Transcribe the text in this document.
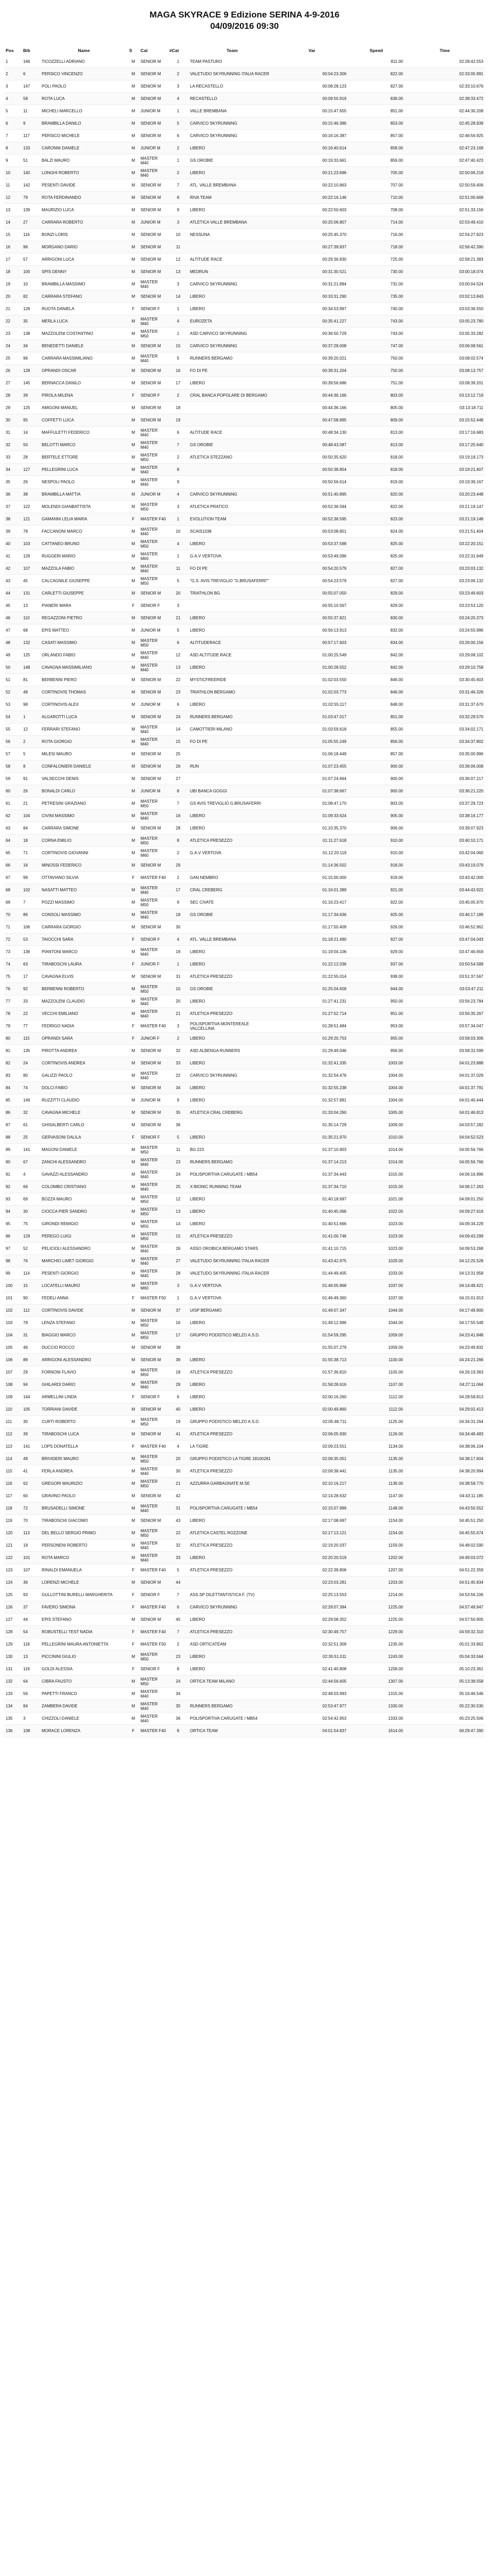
MAGA SKYRACE 9 Edizione SERINA 4-9-2016
04/09/2016 09:30
Pos	Bib	Name	S	Cat	#Cat	Team	Var	Speed	Time
1	146	TICOZZELLI ADRIANO	M	SENIOR M	1	TEAM PASTURO		811.00	02:28:42.553
2	6	PERSICO VINCENZO	M	SENIOR M	2	VALETUDO SKYRUNNING ITALIA RACER	00:04:23.306	822.00	02:33:05.991
3	147	POLI PAOLO	M	SENIOR M	3	LA RECASTELLO	00:08:28.123	827.00	02:33:10.676
4	58	ROTA LUCA	M	SENIOR M	4	RECASTELLO	00:09:50.919	836.00	02:38:33.472
5	11	MICHELI MARCELLO	M	JUNIOR M	1	VALLE BREMBANA	00:15:47.655	851.00	02:44:30.208
6	9	BRAMBILLA DANILO	M	SENIOR M	5	CARVICO SKYRUNNING	00:15:46.386	853.00	02:45:28.939
7	117	PERSICO MICHELE	M	SENIOR M	6	CARVICO SKYRUNNING	00:16:16.387	857.00	02:46:56.925
8	133	CARONNI DANIELE	M	JUNIOR M	2	LIBERO	00:16:40.614	858.00	02:47:23.169
9	51	BALZI MAURO	M	MASTER M40	1	GS OROBIE	00:19:33.661	859.00	02:47:40.423
10	140	LONGHI ROBERTO	M	MASTER M40	2	LIBERO	00:21:23.696	705.00	02:50:06.219
11	142	PESENTI DAVIDE	M	SENIOR M	7	ATL. VALLE BREMBANA	00:22:10.863	707.00	02:50:59.406
12	79	ROTA FERDINANDO	M	SENIOR M	8	RIVA TEAM	00:22:16.146	710.00	02:51:00.669
13	139	MAURIZIO LUCA	M	SENIOR M	9	LIBERO	00:22:50.603	708.00	02:51:33.156
14	27	CARRARA ROBERTO	M	JUNIOR M	3	ATLETICA VALLE BREMBANA	00:25:06.807	714.00	02:53:49.410
15	116	BONZI LORIS	M	SENIOR M	10	NESSUNA	00:25:45.370	716.00	02:54:27.923
16	96	MORGANO DARIO	M	SENIOR M	11		00:27:39.837	718.00	02:56:42.390
17	57	ARRIGONI LUCA	M	SENIOR M	12	ALTITUDE RACE	00:29:36.830	725.00	02:58:21.383
18	100	SPIS DENNY	M	SENIOR M	13	MEDRUN	00:31:30.521	730.00	03:00:18.074
19	10	BRAMBILLA MASSIMO	M	MASTER M40	3	CARVICO SKYRUNNING	00:31:21.894	731.00	03:00:04.524
20	82	CARRARA STEFANO	M	SENIOR M	14	LIBERO	00:33:31.290	735.00	03:02:13.843
21	126	RUOTA DANIELA	F	SENIOR F	1	LIBERO	00:34:53.997	740.00	03:03:36.550
22	35	MERLA LUCA	M	MASTER M40	4	EUROZETA	00:35:41.227	743.00	03:05:23.780
23	138	MAZZOLENI COSTANTINO	M	MASTER M50	1	ASD CARVICO SKYRUNNING	00:36:50.729	743.00	03:05:33.282
24	34	BENEDETTI DANIELE	M	SENIOR M	15	CARVICO SKYRUNNING	00:37:28.008	747.00	03:06:08.561
25	96	CARRARA MASSIMILIANO	M	MASTER M40	5	RUNNERS BERGAMO	00:39:20.021	750.00	03:08:02.574
26	128	OPRANDI OSCAR	M	SENIOR M	16	FO DI PE	00:39:31.204	750.00	03:08:13.757
27	145	BERNACCA DANILO	M	SENIOR M	17	LIBERO	00:39:56.686	751.00	03:08:39.201
28	39	PIROLA MILENA	F	SENIOR F	2	CRAL BANCA POPOLARE DI BERGAMO	00:44:36.166	803.00	03:13:12.719
29	125	AMIGONI MANUEL	M	SENIOR M	18		00:44:36.166	805.00	03:13:18.711
30	95	COFFETTI LUCA	M	SENIOR M	19		00:47:08.895	809.00	03:15:52.448
31	14	MAFFULETTI FEDERICO	M	MASTER M40	6	ALTITUDE RACE	00:48:34.130	813.00	03:17:16.683
32	50	BELOTTI MARCO	M	MASTER M40	7	GS OROBIE	00:48:43.087	813.00	03:17:25.640
33	28	BERTELE ETTORE	M	MASTER M50	2	ATLETICA STEZZANO	00:50:35.620	818.00	03:19:18.173
34	127	PELLEGRINI LUCA	M	MASTER M40	8		00:50:38.854	818.00	03:19:21.407
35	26	NESPOLI PAOLO	M	MASTER M40	9		00:50:56.614	819.00	03:19:39.167
36	38	BRAMBILLA MATTIA	M	JUNIOR M	4	CARVICO SKYRUNNING	00:51:40.895	820.00	03:20:23.448
37	122	MOLENDI GIANBATTISTA	M	MASTER M50	3	ATLETICA PRATICO	00:52:36.594	822.00	03:21:19.147
38	121	GAMANNI LELIA MARIA	F	MASTER F40	1	EVOLUTION TEAM	00:52:36.595	823.00	03:21:19.148
39	78	FACCANONI MARCO	M	MASTER M40	10	SCAIS1038	00:53:08.851	824.00	03:21:51.404
40	103	CATTANEO BRUNO	M	MASTER M50	4	LIBERO	00:53:37.598	825.00	03:22:20.151
41	129	RUGGERI MARIO	M	MASTER M60	1	G.A.V VERTOVA	00:53:49.096	825.00	03:22:31.649
42	107	MAZZOLA FABIO	M	MASTER M40	11	FO DI PE	00:54:20.579	827.00	03:23:03.132
43	45	CALCAGNILE GIUSEPPE	M	MASTER M50	5	"G.S. AVIS TREVIGLIO "G.BRUSAFERRI""	00:54:23.579	827.00	03:23:06.132
44	131	CARLETTI GIUSEPPE	M	SENIOR M	20	TRIATHLON BG	00:55:07.050	829.00	03:23:49.603
45	13	PIANERI MARA	F	SENIOR F	3		00:55:10.567	829.00	03:23:53.120
46	110	REGAZZONI PIETRO	M	SENIOR M	21	LIBERO	00:55:37.821	830.00	03:24:20.373
47	68	EPIS MATTEO	M	JUNIOR M	5	LIBERO	00:56:13.913	832.00	03:24:55.996
48	132	CASATI MASSIMO	M	MASTER M50	6	ALTITUDERACE	00:57:17.603	834.00	03:26:00.156
49	125	ORLANDO FABIO	M	MASTER M40	12	ASD ALTITUDE RACE	01:00:25.549	842.00	03:29:08.102
50	148	CAVAGNA MASSIMILIANO	M	MASTER M40	13	LIBERO	01:00:28.552	842.00	03:29:10.758
51	81	BERBENNI PIERO	M	SENIOR M	22	MYSTICFREERIDE	01:02:03.550	846.00	03:30:45.603
52	48	CORTINOVIS THOMAS	M	SENIOR M	23	TRIATHLON BERGAMO	01:02:03.773	846.00	03:31:46.326
53	98	CORTINOVIS ALEX	M	JUNIOR M	6	LIBERO	01:02:55.117	848.00	03:31:37.670
54	1	ALGAROTTI LUCA	M	SENIOR M	24	RUNNERS BERGAMO	01:03:47.017	851.00	03:32:29.570
55	12	FERRARI STEFANO	M	MASTER M40	14	CAMOTTIERI MILANO	01:03:59.618	855.00	03:34:02.171
56	2	ROTA GIORGIO	M	MASTER M40	15	FO DI PE	01:05:55.249	856.00	03:34:37.802
57	5	MILESI MAURO	M	SENIOR M	25		01:06:18.449	857.00	03:35:00.996
58	8	CONFALONIERI DANIELE	M	SENIOR M	26	RUN	01:07:23.455	900.00	03:36:06.008
59	91	VALSECCHI DENIS	M	SENIOR M	27		01:07:24.664	900.00	03:36:07.217
60	26	BONALDI CARLO	M	JUNIOR M	8	UBI BANCA GOGGI	01:07:38.667	900.00	03:36:21.220
61	21	PETRESINI GRAZIANO	M	MASTER M50	7	GS AVIS TREVIGLIO G.BRUSAFERRI	01:08:47.170	903.00	03:37:29.723
62	104	CIVINI MASSIMO	M	MASTER M40	16	LIBERO	01:09:33.624	905.00	03:38:16.177
63	84	CARRARA SIMONE	M	SENIOR M	28	LIBERO	01:10:35.370	906.00	03:39:07.923
64	18	CORNA EMILIO	M	MASTER M50	8	ATLETICA PRESEZZO	01:11:27.618	910.00	03:40:10.171
65	71	CORTINOVIS GIOVANNI	M	MASTER M60	2	G.A.V VERTOVA	01:12:20.119	910.00	03:42:04.060
66	16	MINOSSI FEDERICO	M	SENIOR M	29		01:14:36.502	918.00	03:43:19.079
67	99	OTTAVIANO SILVIA	F	MASTER F40	2	GAN NEMBRO	01:15:00.000	919.00	03:43:42.000
68	102	NASATTI MATTEO	M	MASTER M40	17	CRAL CREBERG	01:16:01.389	921.00	03:44:43.922
69	7	POZZI MASSIMO	M	MASTER M50	9	SEC CIVATE	01:16:23.417	922.00	03:45:05.970
70	86	CONSOLI MASSIMO	M	MASTER M40	18	GS OROBIE	01:17:34.636	925.00	03:46:17.189
71	106	CARRARA GIORGIO	M	SENIOR M	30		01:17:50.409	926.00	03:46:52.962
72	53	TAIOCCHI SARA	F	SENIOR F	4	ATL. VALLE BREMBANA	01:18:21.490	927.00	03:47:04.043
73	136	PIANTONI MARCO	M	MASTER M40	19	LIBERO	01:19:04.106	929.00	03:47:46.659
74	63	TIRABOSCHI LAURA	F	JUNIOR F	1	LIBERO	01:22:12.036	937.00	03:50:54.589
75	17	CAVAGNA ELVIS	M	SENIOR M	31	ATLETICA PRESEZZO	01:22:55.014	938.00	03:51:37.567
76	92	BERBENNI ROBERTO	M	MASTER M50	10	GS OROBIE	01:25:04.658	944.00	03:53:47.211
77	33	MAZZOLENI CLAUDIO	M	MASTER M40	20	LIBERO	01:27:41.231	950.00	03:56:23.784
78	22	VECCHI EMILIANO	M	MASTER M40	21	ATLETICA PRESEZZO	01:27:52.714	951.00	03:56:35.267
79	77	FEDRIGO NADIA	F	MASTER F40	3	POLISPORTIVA MONTEREALE VALCELLINA	01:28:51.484	953.00	03:57:34.047
80	115	OPRANDI SARA	F	JUNIOR F	2	LIBERO	01:29:20.753	955.00	03:58:03.306
81	135	PIROTTA ANDREA	M	SENIOR M	32	ASD ALBENGA RUNNERS	01:29:49.046	956.00	03:58:31.599
82	24	CORTINOVIS ANDREA	M	SENIOR M	33	LIBERO	01:32:41.335	1003.00	04:01:23.888
83	80	GALIZZI PAOLO	M	MASTER M40	22	CARVICO SKYRUNNING	01:32:54.476	1004.00	04:01:37.029
84	74	DOLCI FABIO	M	SENIOR M	34	LIBERO	01:32:55.238	1004.00	04:01:37.791
85	149	RUZZITTI CLAUDIO	M	JUNIOR M	9	LIBERO	01:32:57.891	1004.00	04:01:40.444
86	32	CAVAGNA MICHELE	M	SENIOR M	35	ATLETICA CRAL CREBERG	01:33:04.260	1005.00	04:01:46.813
87	61	GHISALBERTI CARLO	M	SENIOR M	36		01:35:14.729	1009.00	04:03:57.282
88	25	GERVASONI DALILA	F	SENIOR F	5	LIBERO	01:35:21.970	1010.00	04:04:52.523
89	141	MAGONI DANIELE	M	MASTER M50	11	BG 223	01:37:10.903	1014.00	04:05:56.766
90	67	ZANCHI ALESSANDRO	M	MASTER M40	23	RUNNERS BERGAMO	01:37:14.213	1014.00	04:05:56.766
91	4	GAVAZZI ALESSANDRO	M	MASTER M40	24	POLISPORTIVA CARUGATE / MB54	01:37:34.443	1015.00	04:06:16.996
92	66	COLOMBO CRISTIANO	M	MASTER M40	25	X-BIONIC RUNNING TEAM	01:37:34.710	1015.00	04:06:17.263
93	69	BOZZA MAURO	M	MASTER M50	12	LIBERO	01:40:18.697	1021.00	04:09:01.250
94	30	CIOCCA PIER SANDRO	M	MASTER M50	13	LIBERO	01:40:45.066	1022.00	04:09:27.619
95	75	GIRONDI REMIGIO	M	MASTER M50	14	LIBERO	01:40:51.666	1023.00	04:09:34.229
96	129	PEREGO LUIGI	M	MASTER M50	15	ATLETICA PRESEZZO	01:41:00.746	1023.00	04:09:43.299
97	52	PELICIOLI ALESSANDRO	M	MASTER M40	26	ASSO OROBICA BERGAMO STARS	01:41:10.715	1023.00	04:09:53.268
98	76	MARCHIO LIMET GIORGIO	M	MASTER M40	27	VALETUDO SKYRUNNING ITALIA RACER	01:43:42.975	1029.00	04:12:25.528
99	114	PESENTI GIORGIO	M	MASTER M40	28	VALETUDO SKYRUNNING ITALIA RACER	01:44:49.405	1033.00	04:13:31.958
100	15	LOCATELLI MAURO	M	MASTER M60	3	G.A.V VERTOVA	01:46:05.868	1037.00	04:14:48.421
101	90	FEDELI ANNA	F	MASTER F50	1	G.A.V VERTOVA	01:46:49.360	1037.00	04:15:01.913
102	112	CORTINOVIS DAVIDE	M	SENIOR M	37	UISP BERGAMO	01:49:07.347	1044.00	04:17:49.900
103	78	LENZA STEFANO	M	MASTER M50	16	LIBERO	01:49:12.996	1044.00	04:17:55.549
104	31	BIAGGIO MARCO	M	MASTER M50	17	GRUPPO PODISTICO MELZO A.S.D.	01:54:59.295	1059.00	04:23:41.848
105	46	DUCCIO ROCCO	M	SENIOR M	38		01:55:07.279	1059.00	04:23:49.832
106	89	ARRIGONI ALESSANDRO	M	SENIOR M	39	LIBERO	01:55:38.713	1100.00	04:24:21.266
107	29	FORNONI FLAVIO	M	MASTER M50	18	ATLETICA PRESEZZO	01:57:36.810	1105.00	04:26:19.363
108	94	GHILARDI DARIO	M	MASTER M40	29	LIBERO	01:58:28.616	1107.00	04:27:11.064
109	144	ARMELLINI LINDA	F	SENIOR F	6	LIBERO	02:00:16.260	1112.00	04:28:58.813
110	105	TORRIANI DAVIDE	M	SENIOR M	40	LIBERO	02:00:49.860	1112.00	04:29:02.413
111	30	CURTI ROBERTO	M	MASTER M50	19	GRUPPO PODISTICO MELZO A.S.D.	02:05:48.711	1125.00	04:34:31.264
112	39	TIRABOSCHI LUCA	M	SENIOR M	41	ATLETICA PRESEZZO	02:06:05.930	1126.00	04:34:48.483
113	141	LOPS DONATELLA	F	MASTER F40	4	LA TIGRE	02:09:23.551	1134.00	04:38:06.104
114	49	BRIVIDERI MAURO	M	MASTER M50	20	GRUPPO PODISTICO LA TIGRE 18100281	02:09:35.051	1135.00	04:38:17.604
115	41	FERLA ANDREA	M	MASTER M40	30	ATLETICA PRESEZZO	02:09:38.441	1135.00	04:38:20.994
116	62	GREGORI MAURIZIO	M	MASTER M50	21	AZZURRA GARBAGNATE M.SE	02:10:16.217	1136.00	04:38:58.770
117	60	GRAVINO PAOLO	M	SENIOR M	42		02:14:28.632	1147.00	04:43:11.185
118	72	BRUSADELLI SIMONE	M	MASTER M40	31	POLISPORTIVA CARUGATE / MB54	02:15:07.999	1148.00	04:43:50.552
119	70	TIRABOSCHI GIACOMO	M	SENIOR M	43	LIBERO	02:17:08.697	1154.00	04:45:51.250
120	113	DEL BELLO SERGIO PRIMO	M	MASTER M50	22	ATLETICA CASTEL ROZZONE	02:17:13.121	1154.00	04:45:55.674
121	19	PERSONENI ROBERTO	M	MASTER M40	32	ATLETICA PRESEZZO	02:19:20.037	1159.00	04:48:02.590
122	101	ROTA MARCO	M	MASTER M40	33	LIBERO	02:20:20.519	1202.00	04:49:03.072
123	107	RINALDI EMANUELA	F	MASTER F40	5	ATLETICA PRESEZZO	02:22:39.806	1207.00	04:51:22.359
124	36	LORENZI MICHELE	M	SENIOR M	44		02:23:03.281	1203.00	04:51:45.834
125	93	GULLOTTINI BURELLI MARGHERITA	F	SENIOR F	7	ASS.SP DILETTANTISTICA F. (TV)	02:25:13.553	1214.00	04:53:56.106
126	37	FAVERO SIMONA	F	MASTER F40	6	CARVICO SKYRUNNING	02:29:07.394	1225.00	04:57:49.947
127	44	EPIS STEFANO	M	SENIOR M	45	LIBERO	02:29:08.352	1225.00	04:57:50.905
128	54	ROBUSTELLI TEST NADIA	F	MASTER F40	7	ATLETICA PRESEZZO	02:30:49.757	1229.00	04:59:32.310
129	118	PELLEGRINI MAURA ANTONIETTA	F	MASTER F50	2	ASD ORTICATEAM	02:32:51.309	1235.00	05:01:33.862
130	13	PICCININI GIULIO	M	MASTER M50	23	LIBERO	02:35:51.011	1243.00	05:04:33.564
131	119	GOLDI ALESSIA	F	SENIOR F	8	LIBERO	02:41:40.808	1258.00	05:10:23.361
132	64	CIBRA FAUSTO	M	MASTER M50	24	ORTICA TEAM MILANO	02:44:56.605	1307.00	05:13:38.558
133	56	PAPETTI FRANCO	M	MASTER M40	34		02:48:03.993	1315.00	05:16:46.546
134	84	ZAMBERA DAVIDE	M	MASTER M40	35	RUNNERS BERGAMO	02:53:47.977	1330.00	05:22:30.530
135	3	CHIZZOLI DANIELE	M	MASTER M40	36	POLISPORTIVA CARUGATE / MB54	02:54:42.953	1333.00	05:23:25.506
136	108	MORACE LORENZA	F	MASTER F40	8	ORTICA TEAM	04:01:54.837	1614.00	06:29:47.390
